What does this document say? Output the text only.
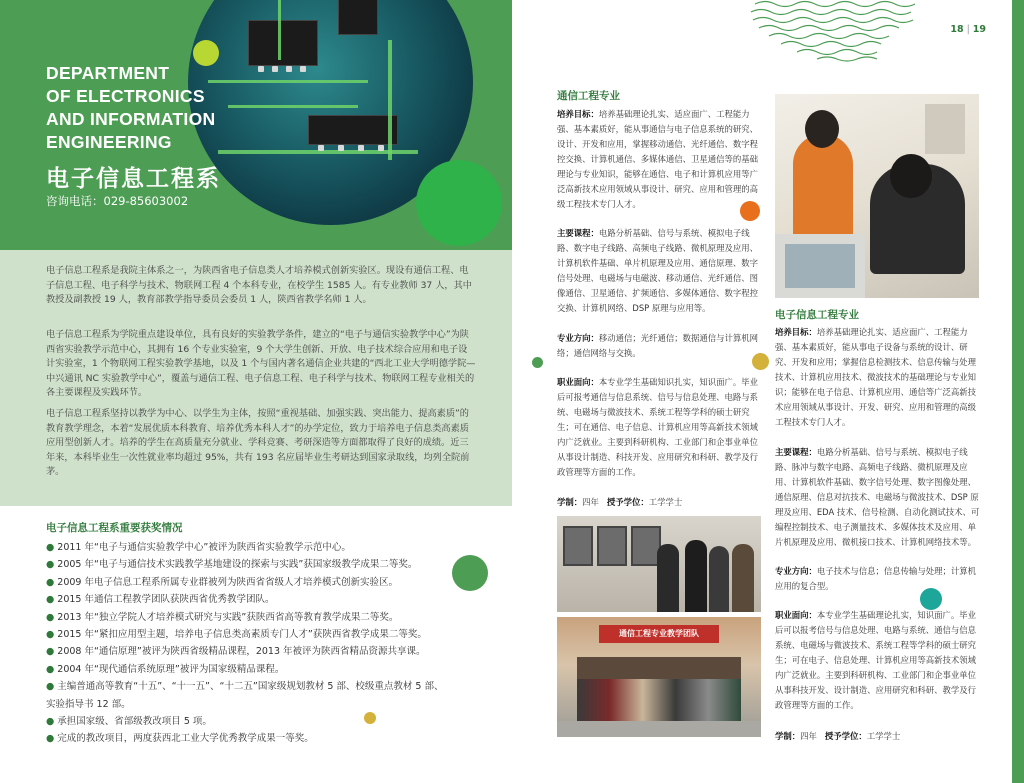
DEPARTMENT
OF ELECTRONICS
AND INFORMATION
ENGINEERING
电子信息工程系
咨询电话：029-85603002

电子信息工程系是我院主体系之一，为陕西省电子信息类人才培养模式创新实验区。现设有通信工程、电子信息工程、电子科学与技术、物联网工程 4 个本科专业，在校学生 1585 人。有专业教师 37 人，其中教授及副教授 19 人，教育部教学指导委员会委员 1 人，陕西省教学名师 1 人。

电子信息工程系为学院重点建设单位，具有良好的实验教学条件，建立的“电子与通信实验教学中心”为陕西省实验教学示范中心，其拥有 16 个专业实验室，9 个大学生创新、开放、电子技术综合应用和电子设计实验室，1 个物联网工程实验教学基地，以及 1 个与国内著名通信企业共建的“西北工业大学明德学院—中兴通讯 NC 实验教学中心”，覆盖与通信工程、电子信息工程、电子科学与技术、物联网工程专业相关的各主要课程及实践环节。

电子信息工程系坚持以教学为中心、以学生为主体，按照“重视基础、加强实践、突出能力、提高素质”的教育教学理念，本着“发展优质本科教育、培养优秀本科人才”的办学定位，致力于培养电子信息类高素质应用型创新人才。培养的学生在高质量充分就业、学科竞赛、考研深造等方面都取得了良好的成绩。近三年来，本科毕业生一次性就业率均超过 95%，共有 193 名应届毕业生考研达到国家录取线，均列全院前茅。

电子信息工程系重要获奖情况
● 2011 年“电子与通信实验教学中心”被评为陕西省实验教学示范中心。
● 2005 年“电子与通信技术实践教学基地建设的探索与实践”获国家级教学成果二等奖。
● 2009 年电子信息工程系所属专业群被列为陕西省省级人才培养模式创新实验区。
● 2015 年通信工程教学团队获陕西省优秀教学团队。
● 2013 年“独立学院人才培养模式研究与实践”获陕西省高等教育教学成果二等奖。
● 2015 年“紧扣应用型主题，培养电子信息类高素质专门人才”获陕西省教学成果二等奖。
● 2008 年“通信原理”被评为陕西省级精品课程，2013 年被评为陕西省精品资源共享课。
● 2004 年“现代通信系统原理”被评为国家级精品课程。
● 主编普通高等教育“十五”、“十一五”、“十二五”国家级规划教材 5 部、校级重点教材 5 部、
实验指导书 12 部。
● 承担国家级、省部级教改项目 5 项。
● 完成的教改项目，两度获西北工业大学优秀教学成果一等奖。
18 | 19
通信工程专业
培养目标：培养基础理论扎实、适应面广、工程能力强、基本素质好，能从事通信与电子信息系统的研究、设计、开发和应用，掌握移动通信、光纤通信、数字程控交换、计算机通信、多媒体通信、卫星通信等的基础理论与专业知识，能够在通信、电子和计算机应用等广泛高新技术应用领域从事设计、研究、应用和管理的高级工程技术专门人才。
主要课程：电路分析基础、信号与系统、模拟电子线路、数字电子线路、高频电子线路、微机原理及应用、计算机软件基础、单片机原理及应用、通信原理、数字信号处理、电磁场与电磁波、移动通信、光纤通信、图像通信、卫星通信、扩频通信、多媒体通信、数字程控交换、计算机网络、DSP 原理与应用等。
专业方向：移动通信；光纤通信；数据通信与计算机网络；通信网络与交换。
职业面向：本专业学生基础知识扎实，知识面广。毕业后可报考通信与信息系统、信号与信息处理、电路与系统、电磁场与微波技术、系统工程等学科的硕士研究生；可在通信、电子信息、计算机应用等高新技术领域内广泛就业。主要到科研机构、工业部门和企事业单位从事设计制造、科技开发、应用研究和科研、教学及行政管理等方面的工作。
学制：四年 授予学位：工学学士
电子信息工程专业
培养目标：培养基础理论扎实、适应面广、工程能力强、基本素质好，能从事电子设备与系统的设计、研究、开发和应用；掌握信息检测技术、信息传输与处理技术、计算机应用技术、微波技术的基础理论与专业知识；能够在电子信息、计算机应用、通信等广泛高新技术应用领域从事设计、开发、研究、应用和管理的高级工程技术专门人才。
主要课程：电路分析基础、信号与系统、模拟电子线路、脉冲与数字电路、高频电子线路、微机原理及应用、计算机软件基础、数字信号处理、数字图像处理、通信原理、信息对抗技术、电磁场与微波技术、DSP 原理及应用、EDA 技术、信号检测、自动化测试技术、可编程控制技术、电子测量技术、多媒体技术及应用、单片机原理及应用、微机接口技术、计算机网络技术等。
专业方向：电子技术与信息；信息传输与处理；计算机应用的复合型。
职业面向：本专业学生基础理论扎实，知识面广。毕业后可以报考信号与信息处理、电路与系统、通信与信息系统、电磁场与微波技术、系统工程等学科的硕士研究生；可在电子、信息处理、计算机应用等高新技术领域内广泛就业。主要到科研机构、工业部门和企事业单位从事科技开发、设计制造、应用研究和科研、教学及行政管理等方面的工作。
学制：四年 授予学位：工学学士
通信工程专业教学团队
